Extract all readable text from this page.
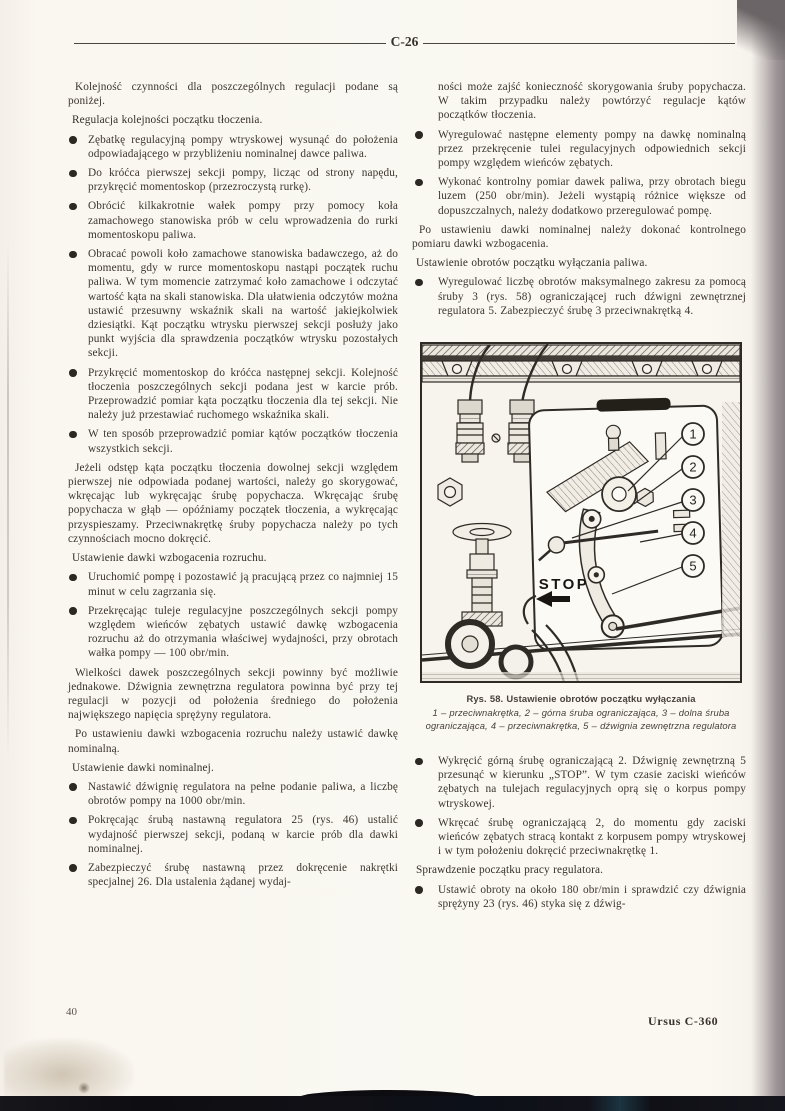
C-26

Kolejność czynności dla poszczególnych regulacji podane są poniżej.

Regulacja kolejności początku tłoczenia.

Zębatkę regulacyjną pompy wtryskowej wysunąć do położenia odpowiadającego w przybliżeniu nominalnej dawce paliwa.
Do króćca pierwszej sekcji pompy, licząc od strony napędu, przykręcić momentoskop (przezroczystą rurkę).
Obrócić kilkakrotnie wałek pompy przy pomocy koła zamachowego stanowiska prób w celu wprowadzenia do rurki momentoskopu paliwa.
Obracać powoli koło zamachowe stanowiska badawczego, aż do momentu, gdy w rurce momentoskopu nastąpi początek ruchu paliwa. W tym momencie zatrzymać koło zamachowe i odczytać wartość kąta na skali stanowiska. Dla ułatwienia odczytów można ustawić przesuwny wskaźnik skali na wartość jakiejkolwiek dziesiątki. Kąt początku wtrysku pierwszej sekcji posłuży jako punkt wyjścia dla sprawdzenia początków wtrysku pozostałych sekcji.
Przykręcić momentoskop do króćca następnej sekcji. Kolejność tłoczenia poszczególnych sekcji podana jest w karcie prób. Przeprowadzić pomiar kąta początku tłoczenia dla tej sekcji. Nie należy już przestawiać ruchomego wskaźnika skali.
W ten sposób przeprowadzić pomiar kątów początków tłoczenia wszystkich sekcji.

Jeżeli odstęp kąta początku tłoczenia dowolnej sekcji względem pierwszej nie odpowiada podanej wartości, należy go skorygować, wkręcając lub wykręcając śrubę popychacza. Wkręcając śrubę popychacza w głąb — opóźniamy początek tłoczenia, a wykręcając przyspieszamy. Przeciwnakrętkę śruby popychacza należy po tych czynnościach mocno dokręcić.

Ustawienie dawki wzbogacenia rozruchu.

Uruchomić pompę i pozostawić ją pracującą przez co najmniej 15 minut w celu zagrzania się.
Przekręcając tuleje regulacyjne poszczególnych sekcji pompy względem wieńców zębatych ustawić dawkę wzbogacenia rozruchu aż do otrzymania właściwej wydajności, przy obrotach wałka pompy — 100 obr/min.

Wielkości dawek poszczególnych sekcji powinny być możliwie jednakowe. Dźwignia zewnętrzna regulatora powinna być przy tej regulacji w pozycji od położenia średniego do położenia największego napięcia sprężyny regulatora.

Po ustawieniu dawki wzbogacenia rozruchu należy ustawić dawkę nominalną.

Ustawienie dawki nominalnej.

Nastawić dźwignię regulatora na pełne podanie paliwa, a liczbę obrotów pompy na 1000 obr/min.
Pokręcając śrubą nastawną regulatora 25 (rys. 46) ustalić wydajność pierwszej sekcji, podaną w karcie prób dla dawki nominalnej.
Zabezpieczyć śrubę nastawną przez dokręcenie nakrętki specjalnej 26. Dla ustalenia żądanej wydaj-

ności może zajść konieczność skorygowania śruby popychacza. W takim przypadku należy powtórzyć regulacje kątów początków tłoczenia.

Wyregulować następne elementy pompy na dawkę nominalną przez przekręcenie tulei regulacyjnych odpowiednich sekcji pompy względem wieńców zębatych.
Wykonać kontrolny pomiar dawek paliwa, przy obrotach biegu luzem (250 obr/min). Jeżeli wystąpią różnice większe od dopuszczalnych, należy dodatkowo przeregulować pompę.

Po ustawieniu dawki nominalnej należy dokonać kontrolnego pomiaru dawki wzbogacenia.

Ustawienie obrotów początku wyłączania paliwa.

Wyregulować liczbę obrotów maksymalnego zakresu za pomocą śruby 3 (rys. 58) ograniczającej ruch dźwigni zewnętrznej regulatora 5. Zabezpieczyć śrubę 3 przeciwnakrętką 4.
1
2
3
4
5
STOP
Rys. 58. Ustawienie obrotów początku wyłączania
1 – przeciwnakrętka, 2 – górna śruba ograniczająca, 3 – dolna śruba ograniczająca, 4 – przeciwnakrętka, 5 – dźwignia zewnętrzna regulatora
Wykręcić górną śrubę ograniczającą 2. Dźwignię zewnętrzną 5 przesunąć w kierunku „STOP”. W tym czasie zaciski wieńców zębatych na tulejach regulacyjnych oprą się o korpus pompy wtryskowej.
Wkręcać śrubę ograniczającą 2, do momentu gdy zaciski wieńców zębatych stracą kontakt z korpusem pompy wtryskowej i w tym położeniu dokręcić przeciwnakrętkę 1.

Sprawdzenie początku pracy regulatora.

Ustawić obroty na około 180 obr/min i sprawdzić czy dźwignia sprężyny 23 (rys. 46) styka się z dźwig-
40
Ursus C-360
